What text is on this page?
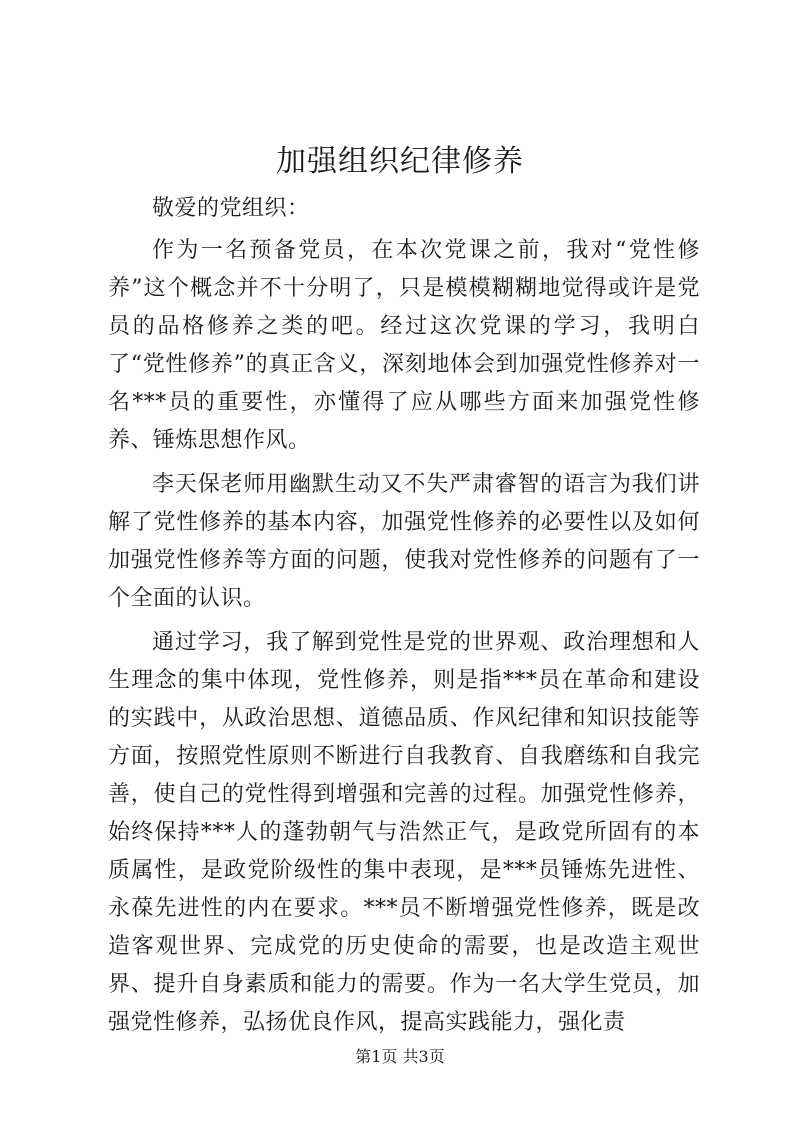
加强组织纪律修养

敬爱的党组织：

作为一名预备党员，在本次党课之前，我对“党性修养”这个概念并不十分明了，只是模模糊糊地觉得或许是党员的品格修养之类的吧。经过这次党课的学习，我明白了“党性修养”的真正含义，深刻地体会到加强党性修养对一名***员的重要性，亦懂得了应从哪些方面来加强党性修养、锤炼思想作风。

李天保老师用幽默生动又不失严肃睿智的语言为我们讲解了党性修养的基本内容，加强党性修养的必要性以及如何加强党性修养等方面的问题，使我对党性修养的问题有了一个全面的认识。

通过学习，我了解到党性是党的世界观、政治理想和人生理念的集中体现，党性修养，则是指***员在革命和建设的实践中，从政治思想、道德品质、作风纪律和知识技能等方面，按照党性原则不断进行自我教育、自我磨练和自我完善，使自己的党性得到增强和完善的过程。加强党性修养，始终保持***人的蓬勃朝气与浩然正气，是政党所固有的本质属性，是政党阶级性的集中表现，是***员锤炼先进性、永葆先进性的内在要求。***员不断增强党性修养，既是改造客观世界、完成党的历史使命的需要，也是改造主观世界、提升自身素质和能力的需要。作为一名大学生党员，加强党性修养，弘扬优良作风，提高实践能力，强化责

第1页 共3页
